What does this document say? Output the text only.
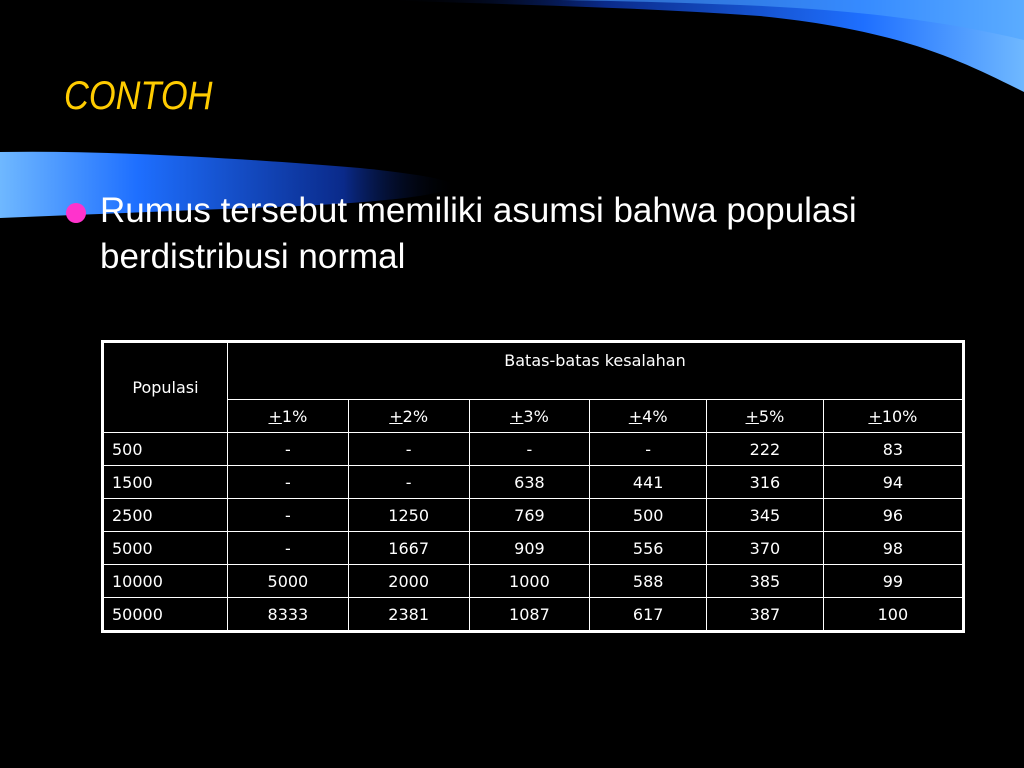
CONTOH
Rumus tersebut memiliki asumsi bahwa populasi berdistribusi normal
Populasi	Batas-batas kesalahan					
	+1%	+2%	+3%	+4%	+5%	+10%
500	-	-	-	-	222	83
1500	-	-	638	441	316	94
2500	-	1250	769	500	345	96
5000	-	1667	909	556	370	98
10000	5000	2000	1000	588	385	99
50000	8333	2381	1087	617	387	100
